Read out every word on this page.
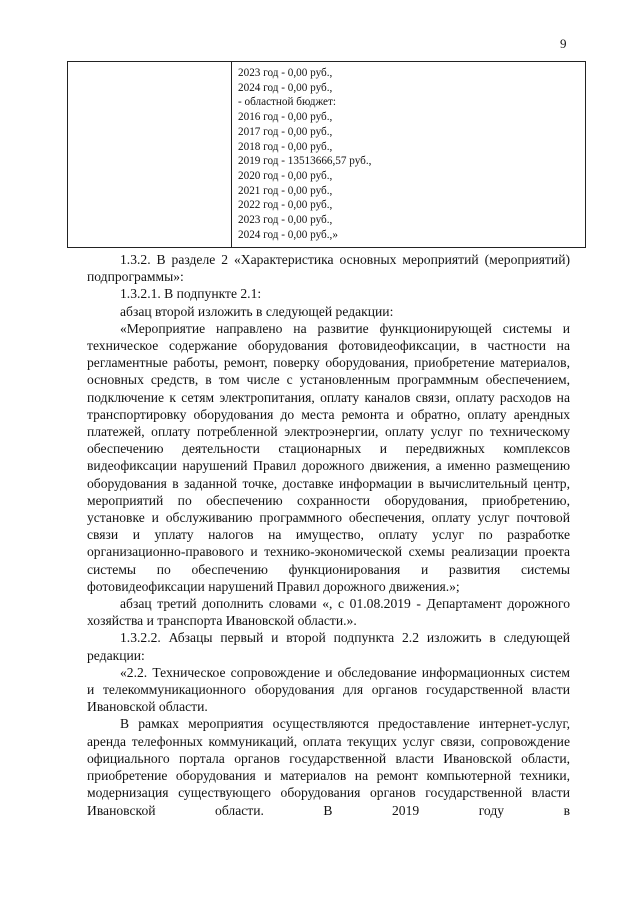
9
2023 год - 0,00 руб.,
2024 год - 0,00 руб.,
- областной бюджет:
2016 год - 0,00 руб.,
2017 год - 0,00 руб.,
2018 год - 0,00 руб.,
2019 год - 13513666,57 руб.,
2020 год - 0,00 руб.,
2021 год - 0,00 руб.,
2022 год - 0,00 руб.,
2023 год - 0,00 руб.,
2024 год - 0,00 руб.,»

1.3.2. В разделе 2 «Характеристика основных мероприятий (мероприятий) подпрограммы»:

1.3.2.1. В подпункте 2.1:

абзац второй изложить в следующей редакции:

«Мероприятие направлено на развитие функционирующей системы и техническое содержание оборудования фотовидеофиксации, в частности на регламентные работы, ремонт, поверку оборудования, приобретение материалов, основных средств, в том числе с установленным программным обеспечением, подключение к сетям электропитания, оплату каналов связи, оплату расходов на транспортировку оборудования до места ремонта и обратно, оплату арендных платежей, оплату потребленной электроэнергии, оплату услуг по техническому обеспечению деятельности стационарных и передвижных комплексов видеофиксации нарушений Правил дорожного движения, а именно размещению оборудования в заданной точке, доставке информации в вычислительный центр, мероприятий по обеспечению сохранности оборудования, приобретению, установке и обслуживанию программного обеспечения, оплату услуг почтовой связи и уплату налогов на имущество, оплату услуг по разработке организационно-правового и технико-экономической схемы реализации проекта системы по обеспечению функционирования и развития системы фотовидеофиксации нарушений Правил дорожного движения.»;

абзац третий дополнить словами «, с 01.08.2019 - Департамент дорожного хозяйства и транспорта Ивановской области.».

1.3.2.2. Абзацы первый и второй подпункта 2.2 изложить в следующей редакции:

«2.2. Техническое сопровождение и обследование информационных систем и телекоммуникационного оборудования для органов государственной власти Ивановской области.

В рамках мероприятия осуществляются предоставление интернет-услуг, аренда телефонных коммуникаций, оплата текущих услуг связи, сопровождение официального портала органов государственной власти Ивановской области, приобретение оборудования и материалов на ремонт компьютерной техники, модернизация существующего оборудования органов государственной власти Ивановской области. В 2019 году в
